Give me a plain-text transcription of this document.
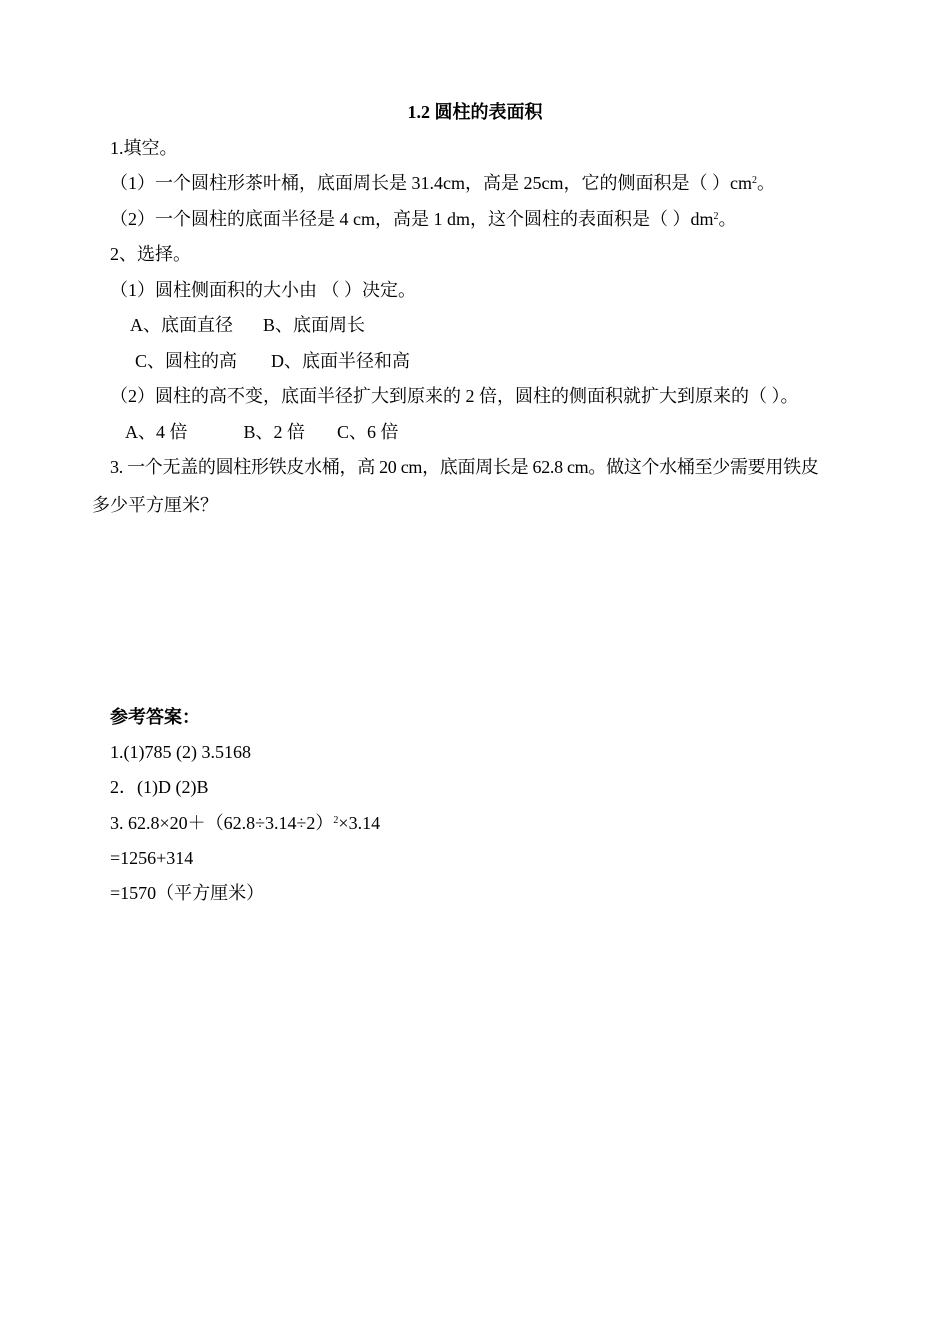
1.2 圆柱的表面积
1.填空。
（1）一个圆柱形茶叶桶，底面周长是 31.4cm，高是 25cm，它的侧面积是（ ）$cm^2$。
（2）一个圆柱的底面半径是 4 cm，高是 1 dm，这个圆柱的表面积是（ ）$dm^2$。
2、选择。
（1）圆柱侧面积的大小由 （ ）决定。
A、底面直径 B、底面周长
C、圆柱的高 D、底面半径和高
（2）圆柱的高不变，底面半径扩大到原来的 2 倍，圆柱的侧面积就扩大到原来的（ ）。
A、4 倍	B、2 倍 C、6 倍
3. 一个无盖的圆柱形铁皮水桶，高 20 cm，底面周长是 62.8 cm。做这个水桶至少需要用铁皮
多少平方厘米？
参考答案：
1.(1)785 (2) 3.5168
2．(1)D (2)B
3. $62.8\times 20+(62.8\div 3.14\div 2)^2\times 3.14$
=1256+314
=1570（平方厘米）
